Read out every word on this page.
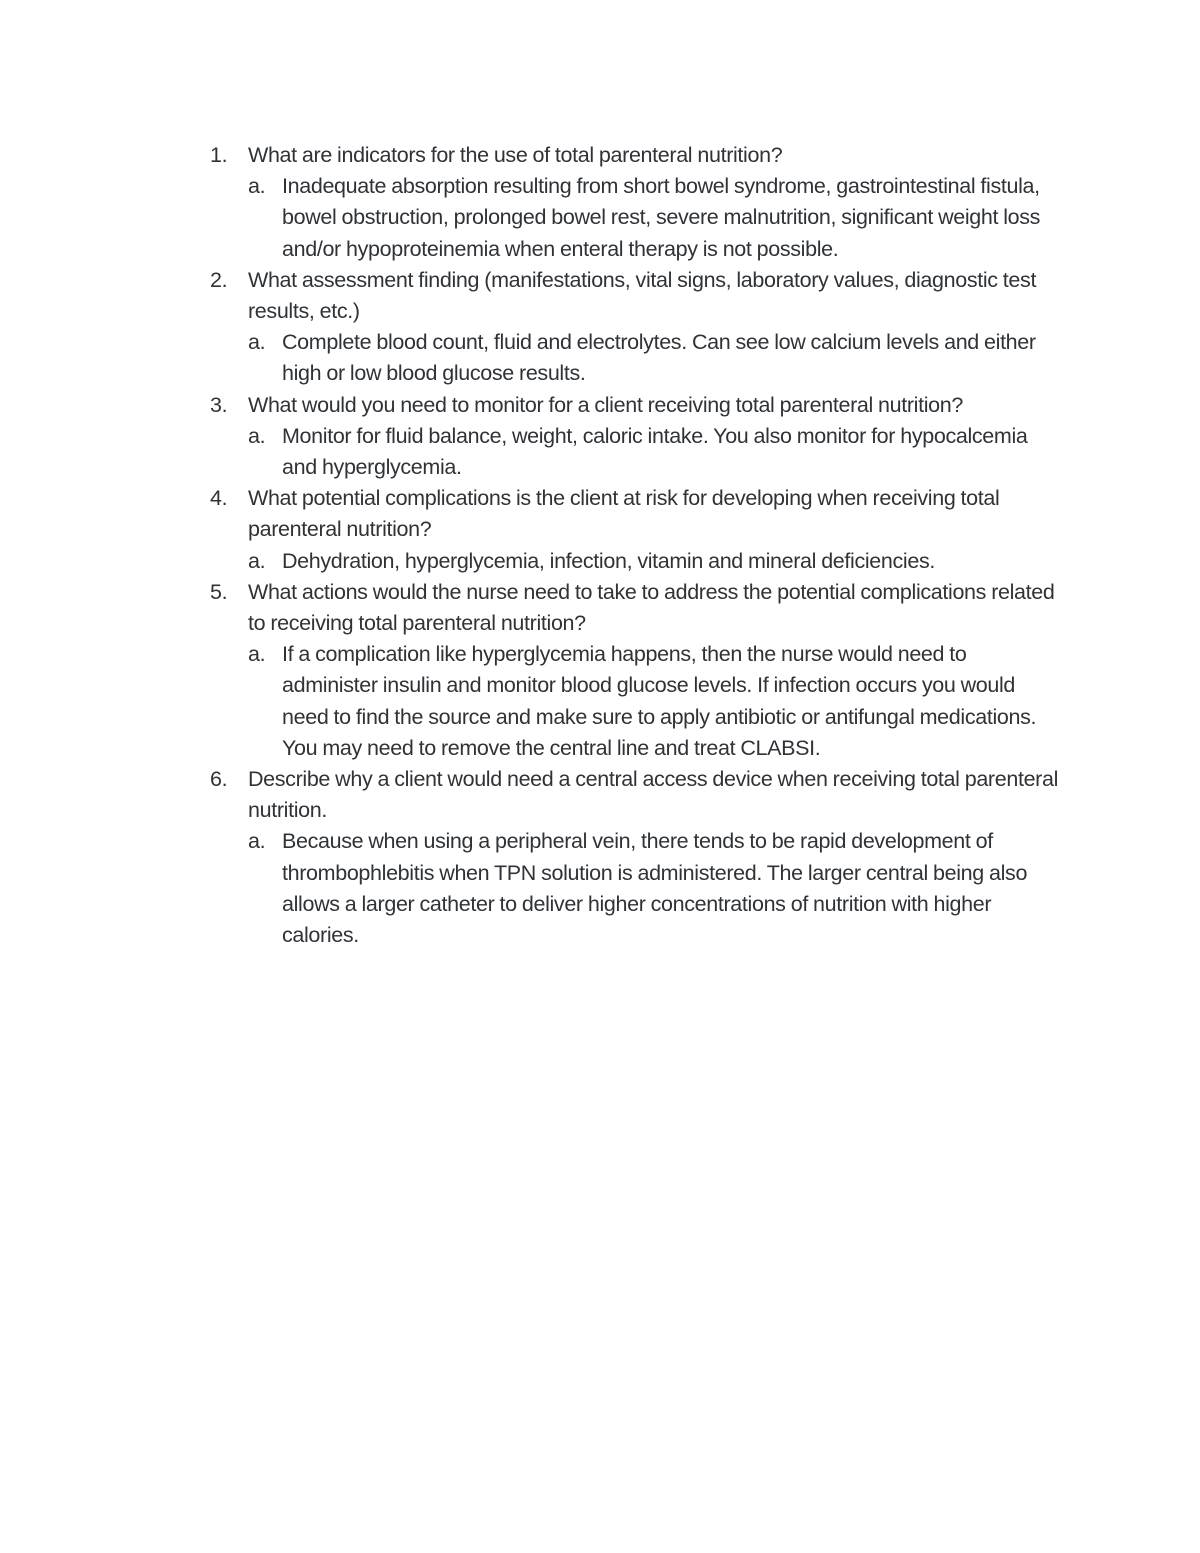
1. What are indicators for the use of total parenteral nutrition?
a. Inadequate absorption resulting from short bowel syndrome, gastrointestinal fistula, bowel obstruction, prolonged bowel rest, severe malnutrition, significant weight loss and/or hypoproteinemia when enteral therapy is not possible.
2. What assessment finding (manifestations, vital signs, laboratory values, diagnostic test results, etc.)
a. Complete blood count, fluid and electrolytes. Can see low calcium levels and either high or low blood glucose results.
3. What would you need to monitor for a client receiving total parenteral nutrition?
a. Monitor for fluid balance, weight, caloric intake. You also monitor for hypocalcemia and hyperglycemia.
4. What potential complications is the client at risk for developing when receiving total parenteral nutrition?
a. Dehydration, hyperglycemia, infection, vitamin and mineral deficiencies.
5. What actions would the nurse need to take to address the potential complications related to receiving total parenteral nutrition?
a. If a complication like hyperglycemia happens, then the nurse would need to administer insulin and monitor blood glucose levels. If infection occurs you would need to find the source and make sure to apply antibiotic or antifungal medications. You may need to remove the central line and treat CLABSI.
6. Describe why a client would need a central access device when receiving total parenteral nutrition.
a. Because when using a peripheral vein, there tends to be rapid development of thrombophlebitis when TPN solution is administered. The larger central being also allows a larger catheter to deliver higher concentrations of nutrition with higher calories.
